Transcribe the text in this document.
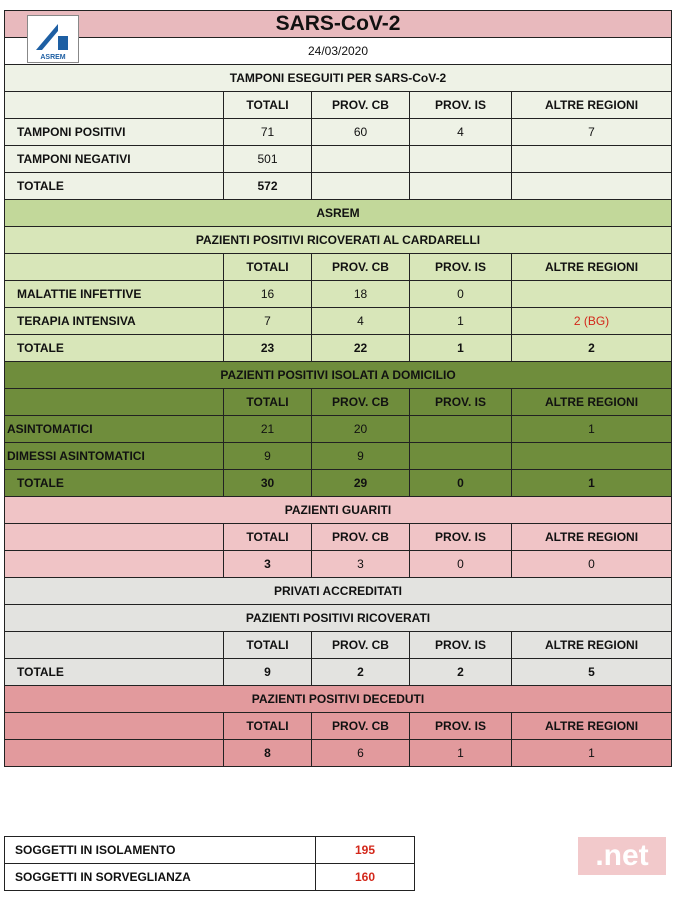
ASREM
SARS-CoV-2				
24/03/2020				
TAMPONI ESEGUITI PER SARS-CoV-2				
	TOTALI	PROV. CB	PROV. IS	ALTRE REGIONI
TAMPONI POSITIVI	71	60	4	7
TAMPONI NEGATIVI	501			
TOTALE	572			
ASREM				
PAZIENTI POSITIVI RICOVERATI AL CARDARELLI				
	TOTALI	PROV. CB	PROV. IS	ALTRE REGIONI
MALATTIE INFETTIVE	16	18	0	
TERAPIA INTENSIVA	7	4	1	2 (BG)
TOTALE	23	22	1	2
PAZIENTI POSITIVI ISOLATI A DOMICILIO				
	TOTALI	PROV. CB	PROV. IS	ALTRE REGIONI
ASINTOMATICI	21	20		1
DIMESSI ASINTOMATICI	9	9		
TOTALE	30	29	0	1
PAZIENTI GUARITI				
	TOTALI	PROV. CB	PROV. IS	ALTRE REGIONI
	3	3	0	0
PRIVATI ACCREDITATI				
PAZIENTI POSITIVI RICOVERATI				
	TOTALI	PROV. CB	PROV. IS	ALTRE REGIONI
TOTALE	9	2	2	5
PAZIENTI POSITIVI DECEDUTI				
	TOTALI	PROV. CB	PROV. IS	ALTRE REGIONI
	8	6	1	1
SOGGETTI IN ISOLAMENTO	195
SOGGETTI IN SORVEGLIANZA	160
.net
